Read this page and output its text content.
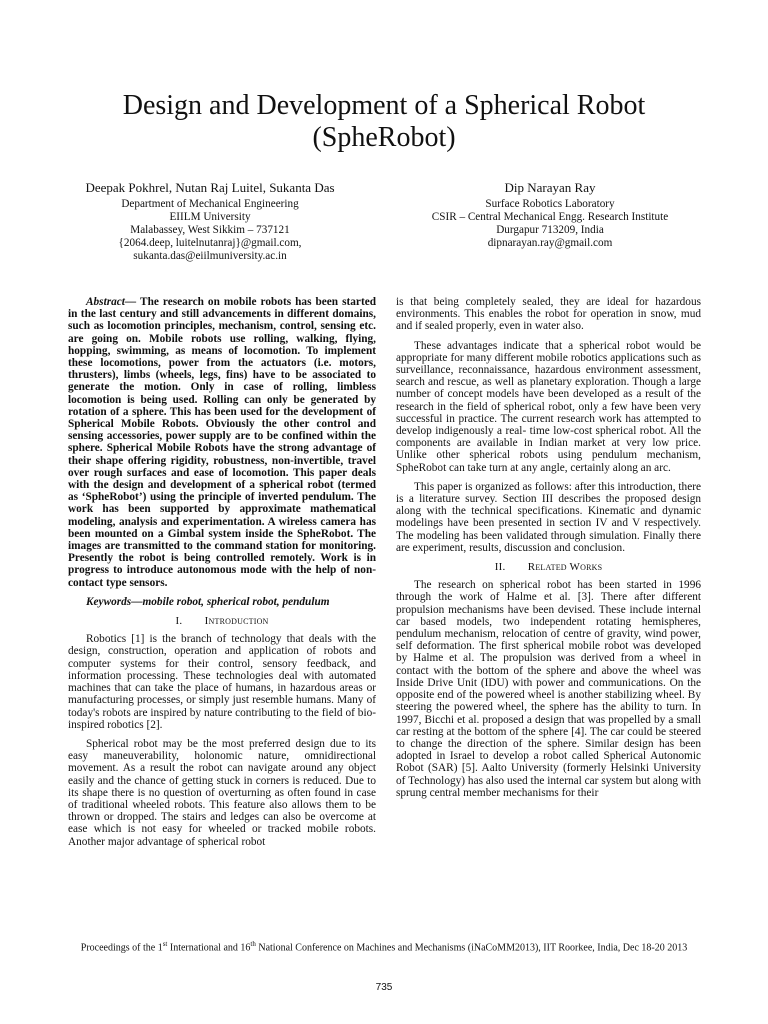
Design and Development of a Spherical Robot
(SpheRobot)
Deepak Pokhrel, Nutan Raj Luitel, Sukanta Das
Department of Mechanical Engineering
EIILM University
Malabassey, West Sikkim – 737121
{2064.deep, luitelnutanraj}@gmail.com,
sukanta.das@eiilmuniversity.ac.in
Dip Narayan Ray
Surface Robotics Laboratory
CSIR – Central Mechanical Engg. Research Institute
Durgapur 713209, India
dipnarayan.ray@gmail.com

Abstract— The research on mobile robots has been started in the last century and still advancements in different domains, such as locomotion principles, mechanism, control, sensing etc. are going on. Mobile robots use rolling, walking, flying, hopping, swimming, as means of locomotion. To implement these locomotions, power from the actuators (i.e. motors, thrusters), limbs (wheels, legs, fins) have to be associated to generate the motion. Only in case of rolling, limbless locomotion is being used. Rolling can only be generated by rotation of a sphere. This has been used for the development of Spherical Mobile Robots. Obviously the other control and sensing accessories, power supply are to be confined within the sphere. Spherical Mobile Robots have the strong advantage of their shape offering rigidity, robustness, non-invertible, travel over rough surfaces and ease of locomotion. This paper deals with the design and development of a spherical robot (termed as ‘SpheRobot’) using the principle of inverted pendulum. The work has been supported by approximate mathematical modeling, analysis and experimentation. A wireless camera has been mounted on a Gimbal system inside the SpheRobot. The images are transmitted to the command station for monitoring. Presently the robot is being controlled remotely. Work is in progress to introduce autonomous mode with the help of non-contact type sensors.

Keywords—mobile robot, spherical robot, pendulum

I.  Introduction

Robotics [1] is the branch of technology that deals with the design, construction, operation and application of robots and computer systems for their control, sensory feedback, and information processing. These technologies deal with automated machines that can take the place of humans, in hazardous areas or manufacturing processes, or simply just resemble humans. Many of today's robots are inspired by nature contributing to the field of bio-inspired robotics [2].

Spherical robot may be the most preferred design due to its easy maneuverability, holonomic nature, omnidirectional movement. As a result the robot can navigate around any object easily and the chance of getting stuck in corners is reduced. Due to its shape there is no question of overturning as often found in case of traditional wheeled robots. This feature also allows them to be thrown or dropped. The stairs and ledges can also be overcome at ease which is not easy for wheeled or tracked mobile robots. Another major advantage of spherical robot

is that being completely sealed, they are ideal for hazardous environments. This enables the robot for operation in snow, mud and if sealed properly, even in water also.

These advantages indicate that a spherical robot would be appropriate for many different mobile robotics applications such as surveillance, reconnaissance, hazardous environment assessment, search and rescue, as well as planetary exploration. Though a large number of concept models have been developed as a result of the research in the field of spherical robot, only a few have been very successful in practice. The current research work has attempted to develop indigenously a real- time low-cost spherical robot. All the components are available in Indian market at very low price. Unlike other spherical robots using pendulum mechanism, SpheRobot can take turn at any angle, certainly along an arc.

This paper is organized as follows: after this introduction, there is a literature survey. Section III describes the proposed design along with the technical specifications. Kinematic and dynamic modelings have been presented in section IV and V respectively. The modeling has been validated through simulation. Finally there are experiment, results, discussion and conclusion.

II.  Related Works

The research on spherical robot has been started in 1996 through the work of Halme et al. [3]. There after different propulsion mechanisms have been devised. These include internal car based models, two independent rotating hemispheres, pendulum mechanism, relocation of centre of gravity, wind power, self deformation. The first spherical mobile robot was developed by Halme et al. The propulsion was derived from a wheel in contact with the bottom of the sphere and above the wheel was Inside Drive Unit (IDU) with power and communications. On the opposite end of the powered wheel is another stabilizing wheel. By steering the powered wheel, the sphere has the ability to turn. In 1997, Bicchi et al. proposed a design that was propelled by a small car resting at the bottom of the sphere [4]. The car could be steered to change the direction of the sphere. Similar design has been adopted in Israel to develop a robot called Spherical Autonomic Robot (SAR) [5]. Aalto University (formerly Helsinki University of Technology) has also used the internal car system but along with sprung central member mechanisms for their

Proceedings of the 1st International and 16th National Conference on Machines and Mechanisms (iNaCoMM2013), IIT Roorkee, India, Dec 18-20 2013
735
